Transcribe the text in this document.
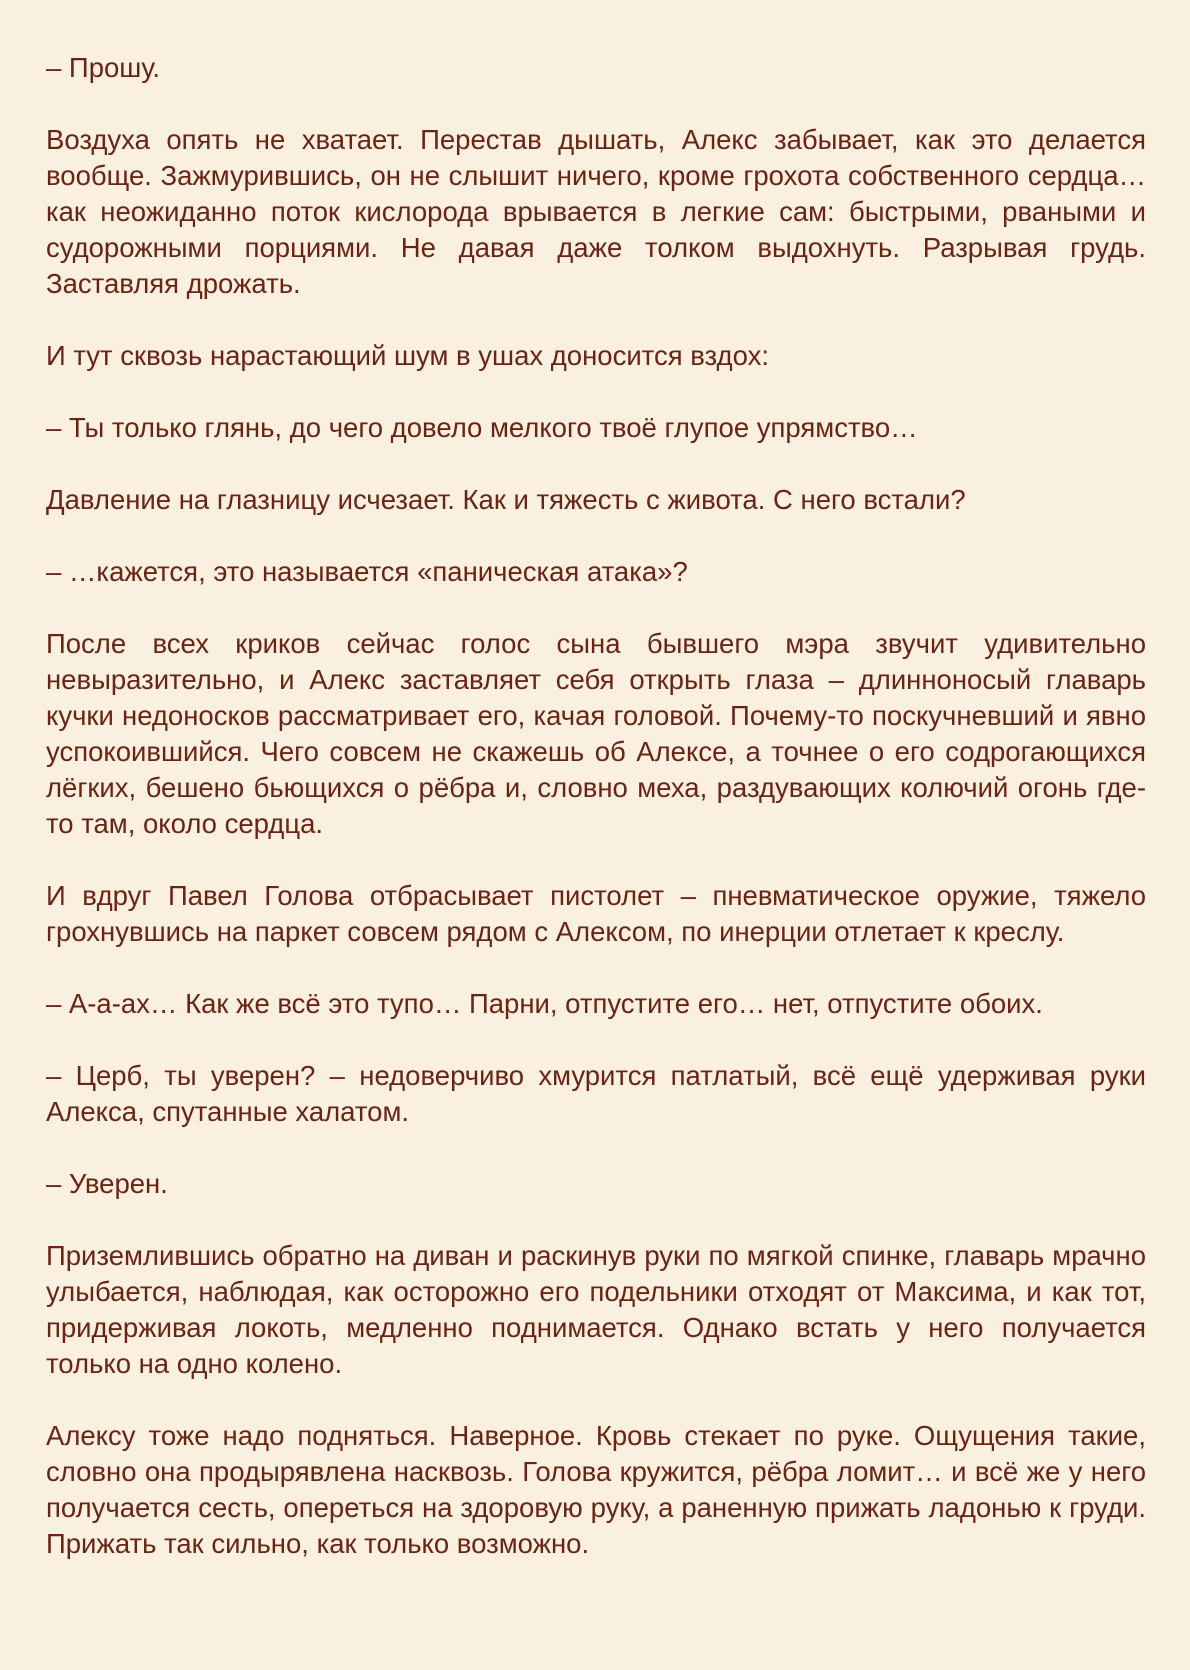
– Прошу.

Воздуха опять не хватает. Перестав дышать, Алекс забывает, как это делается вообще. Зажмурившись, он не слышит ничего, кроме грохота собственного сердца… как неожиданно поток кислорода врывается в легкие сам: быстрыми, рваными и судорожными порциями. Не давая даже толком выдохнуть. Разрывая грудь. Заставляя дрожать.

И тут сквозь нарастающий шум в ушах доносится вздох:

– Ты только глянь, до чего довело мелкого твоё глупое упрямство…

Давление на глазницу исчезает. Как и тяжесть с живота. С него встали?

– …кажется, это называется «паническая атака»?

После всех криков сейчас голос сына бывшего мэра звучит удивительно невыразительно, и Алекс заставляет себя открыть глаза – длинноносый главарь кучки недоносков рассматривает его, качая головой. Почему-то поскучневший и явно успокоившийся. Чего совсем не скажешь об Алексе, а точнее о его содрогающихся лёгких, бешено бьющихся о рёбра и, словно меха, раздувающих колючий огонь где-то там, около сердца.

И вдруг Павел Голова отбрасывает пистолет – пневматическое оружие, тяжело грохнувшись на паркет совсем рядом с Алексом, по инерции отлетает к креслу.

– А-а-ах… Как же всё это тупо… Парни, отпустите его… нет, отпустите обоих.

– Церб, ты уверен? – недоверчиво хмурится патлатый, всё ещё удерживая руки Алекса, спутанные халатом.

– Уверен.

Приземлившись обратно на диван и раскинув руки по мягкой спинке, главарь мрачно улыбается, наблюдая, как осторожно его подельники отходят от Максима, и как тот, придерживая локоть, медленно поднимается. Однако встать у него получается только на одно колено.

Алексу тоже надо подняться. Наверное. Кровь стекает по руке. Ощущения такие, словно она продырявлена насквозь. Голова кружится, рёбра ломит… и всё же у него получается сесть, опереться на здоровую руку, а раненную прижать ладонью к груди. Прижать так сильно, как только возможно.
